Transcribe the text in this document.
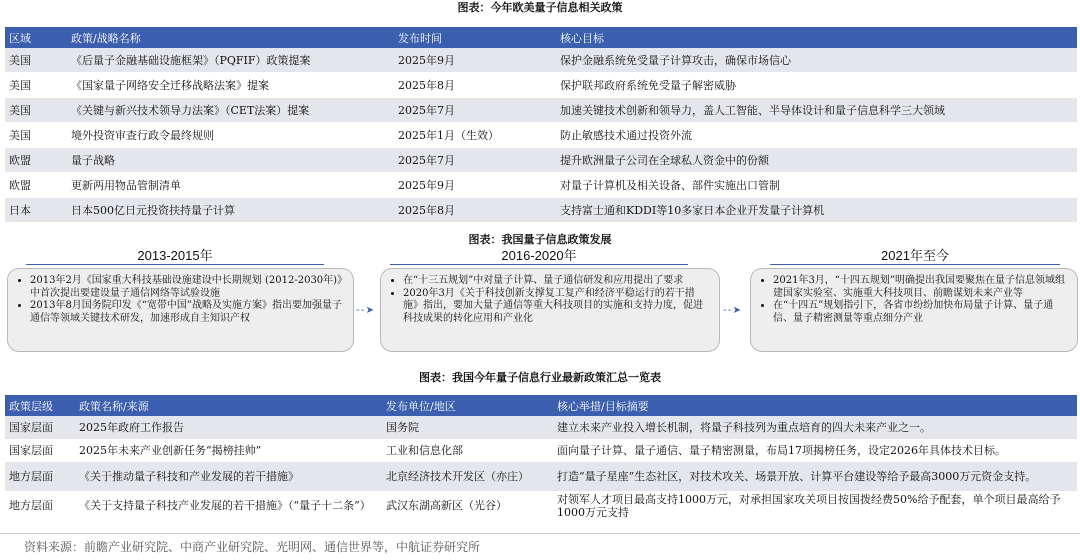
图表：今年欧美量子信息相关政策
区域	政策/战略名称	发布时间	核心目标
美国	《后量子金融基础设施框架》（PQFIF）政策提案	2025年9月	保护金融系统免受量子计算攻击，确保市场信心
美国	《国家量子网络安全迁移战略法案》提案	2025年8月	保护联邦政府系统免受量子解密威胁
美国	《关键与新兴技术领导力法案》（CET法案）提案	2025年7月	加速关键技术创新和领导力，盖人工智能、半导体设计和量子信息科学三大领域
美国	境外投资审查行政令最终规则	2025年1月（生效）	防止敏感技术通过投资外流
欧盟	量子战略	2025年7月	提升欧洲量子公司在全球私人资金中的份额
欧盟	更新两用物品管制清单	2025年9月	对量子计算机及相关设备、部件实施出口管制
日本	日本500亿日元投资扶持量子计算	2025年8月	支持富士通和KDDI等10多家日本企业开发量子计算机
图表：我国量子信息政策发展
2013-2015年	2016-2020年	2021年至今
• 2013年2月《国家重大科技基础设施建设中长期规划 (2012-2030年)》中首次提出要建设量子通信网络等试验设施
• 2013年8月国务院印发《“宽带中国”战略及实施方案》指出要加强量子通信等领域关键技术研发，加速形成自主知识产权
- - ➤
• 在“十三五规划”中对量子计算、量子通信研发和应用提出了要求
• 2020年3月《关于科技创新支撑复工复产和经济平稳运行的若干措施》指出，要加大量子通信等重大科技项目的实施和支持力度，促进科技成果的转化应用和产业化
- - ➤
• 2021年3月，“十四五规划”明确提出我国要聚焦在量子信息领域组建国家实验室、实施重大科技项目、前瞻谋划未来产业等
• 在“十四五”规划指引下，各省市纷纷加快布局量子计算、量子通信、量子精密测量等重点细分产业
图表：我国今年量子信息行业最新政策汇总一览表
政策层级	政策名称/来源	发布单位/地区	核心举措/目标摘要
国家层面	2025年政府工作报告	国务院	建立未来产业投入增长机制，将量子科技列为重点培育的四大未来产业之一。
国家层面	2025年未来产业创新任务“揭榜挂帅”	工业和信息化部	面向量子计算、量子通信、量子精密测量，布局17项揭榜任务，设定2026年具体技术目标。
地方层面	《关于推动量子科技和产业发展的若干措施》	北京经济技术开发区（亦庄）	打造“量子星座”生态社区，对技术攻关、场景开放、计算平台建设等给予最高3000万元资金支持。
地方层面	《关于支持量子科技产业发展的若干措施》（“量子十二条”）	武汉东湖高新区（光谷）	对领军人才项目最高支持1000万元，对承担国家攻关项目按国拨经费50%给予配套，单个项目最高给予1000万元支持
资料来源：前瞻产业研究院、中商产业研究院、光明网、通信世界等，中航证券研究所
